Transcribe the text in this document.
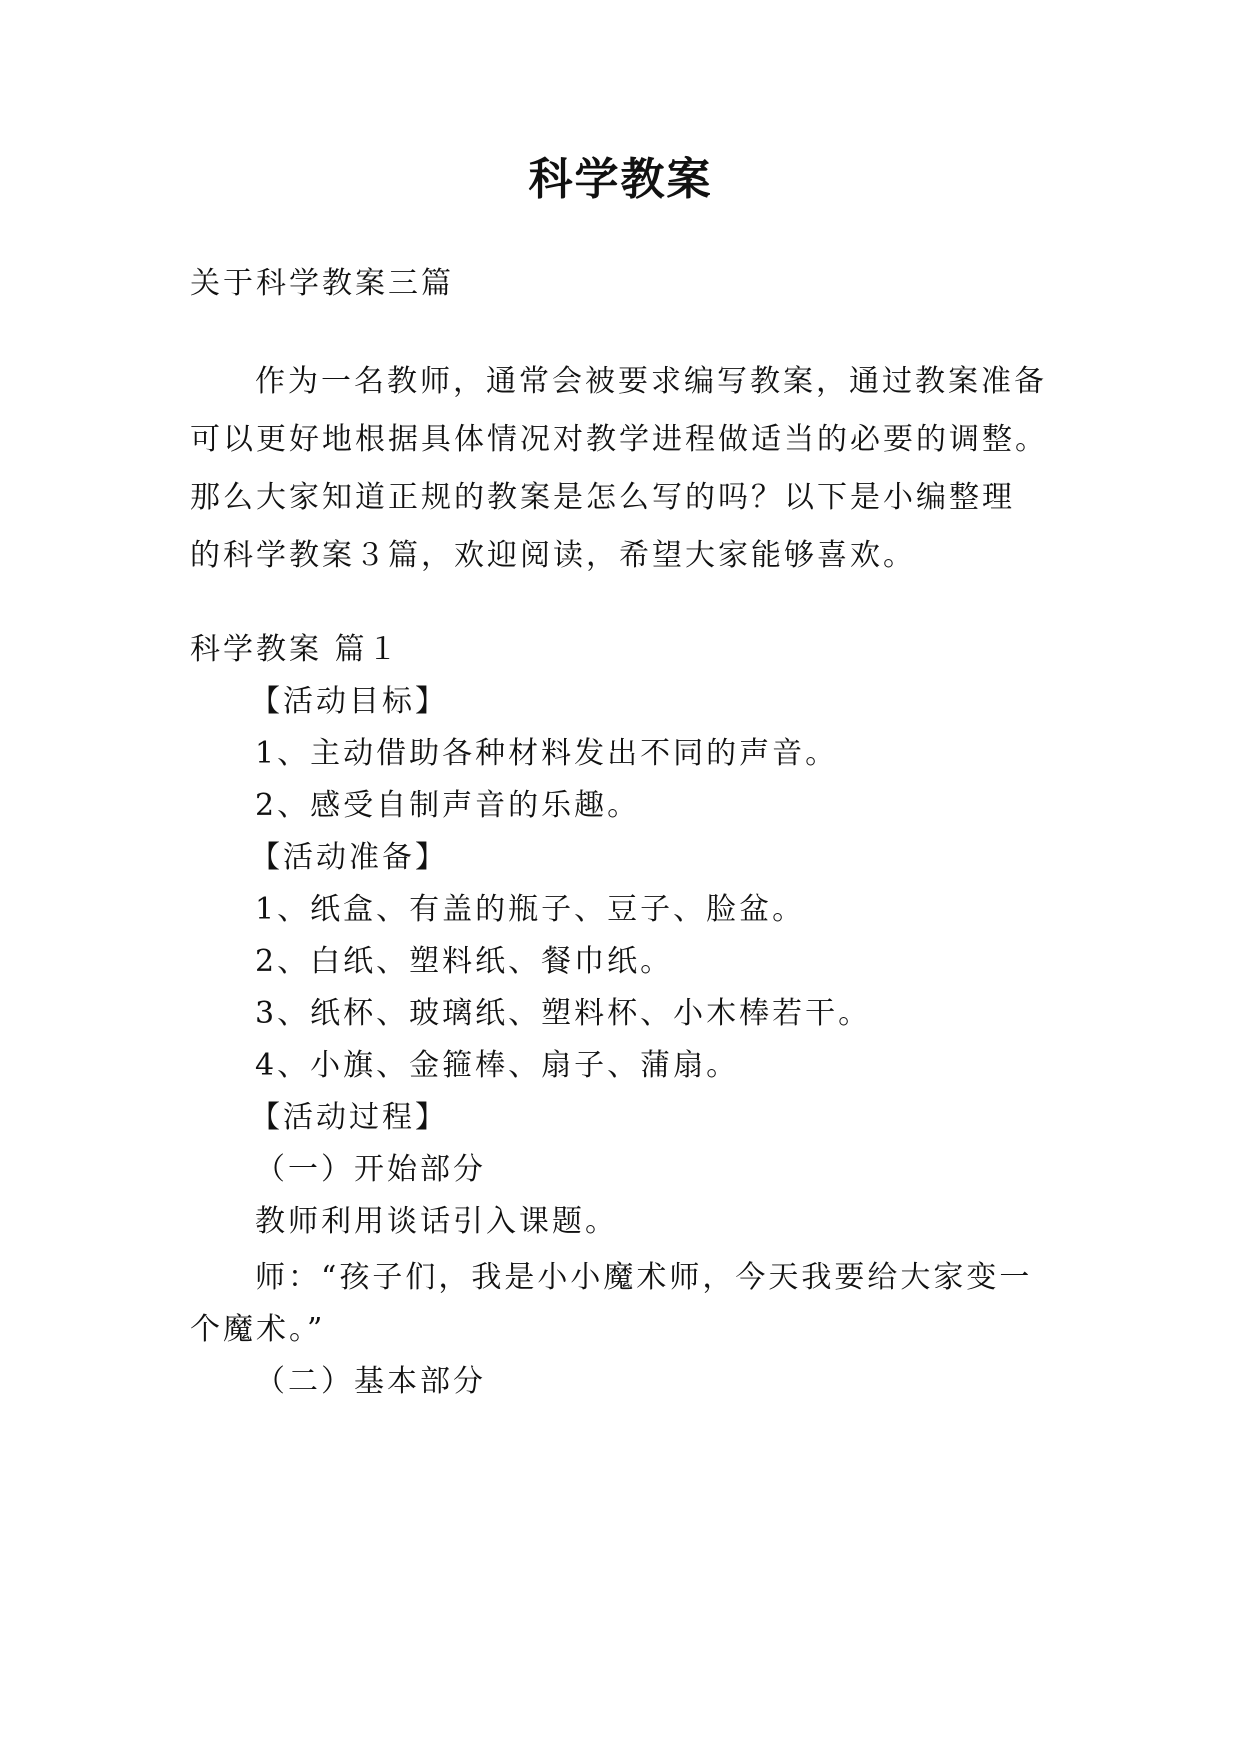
科学教案
关于科学教案三篇
作为一名教师，通常会被要求编写教案，通过教案准备
可以更好地根据具体情况对教学进程做适当的必要的调整。
那么大家知道正规的教案是怎么写的吗？以下是小编整理
的科学教案３篇，欢迎阅读，希望大家能够喜欢。
科学教案 篇１
【活动目标】
1、主动借助各种材料发出不同的声音。
2、感受自制声音的乐趣。
【活动准备】
1、纸盒、有盖的瓶子、豆子、脸盆。
2、白纸、塑料纸、餐巾纸。
3、纸杯、玻璃纸、塑料杯、小木棒若干。
4、小旗、金箍棒、扇子、蒲扇。
【活动过程】
（一）开始部分
教师利用谈话引入课题。
师：“孩子们，我是小小魔术师，今天我要给大家变一
个魔术。”
（二）基本部分
